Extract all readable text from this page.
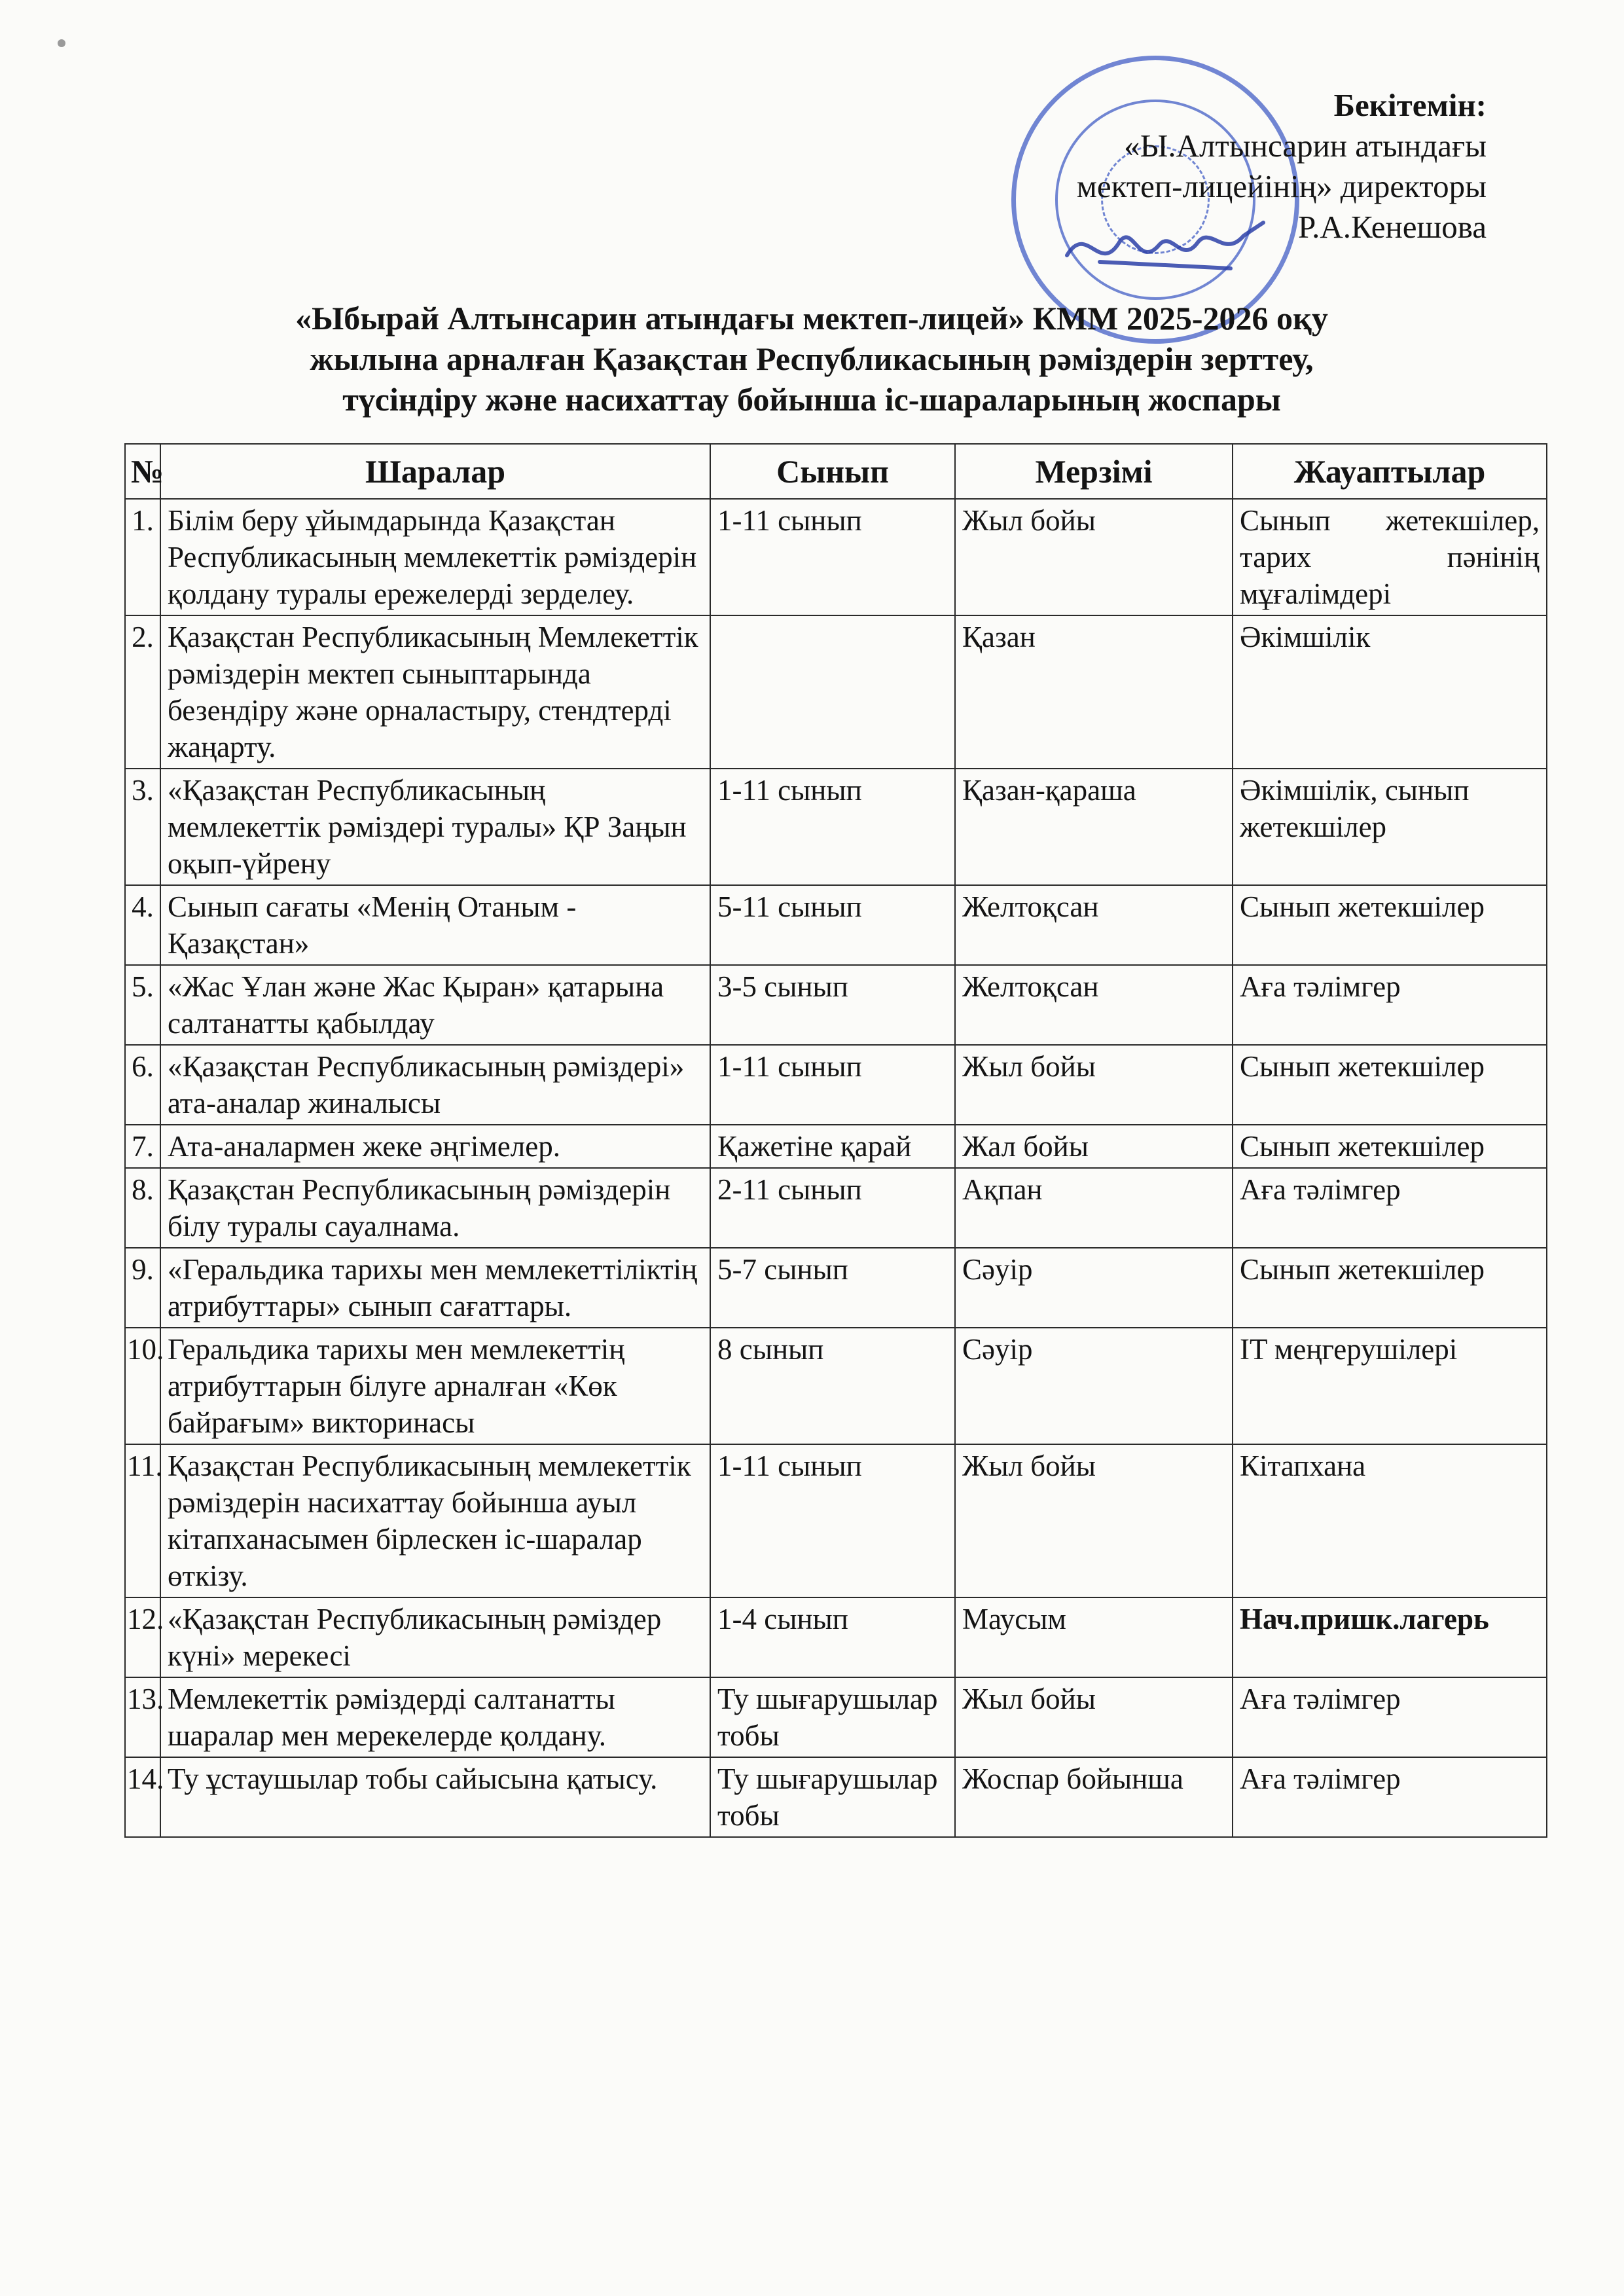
Бекітемін:
«Ы.Алтынсарин атындағы
мектеп-лицейінің» директоры
Р.А.Кенешова
«Ыбырай Алтынсарин атындағы мектеп-лицей» КММ 2025-2026 оқу
жылына арналған Қазақстан Республикасының рәміздерін зерттеу,
түсіндіру және насихаттау бойынша іс-шараларының жоспары
№	Шаралар	Сынып	Мерзімі	Жауаптылар
1.	Білім беру ұйымдарында Қазақстан Республикасының мемлекеттік рәміздерін қолдану туралы ережелерді зерделеу.	1-11 сынып	Жыл бойы	Сынып жетекшілер, тарих пәнінің мұғалімдері
2.	Қазақстан Республикасының Мемлекеттік рәміздерін мектеп сыныптарында безендіру және орналастыру, стендтерді жаңарту.		Қазан	Әкімшілік
3.	«Қазақстан Республикасының мемлекеттік рәміздері туралы» ҚР Заңын оқып-үйрену	1-11 сынып	Қазан-қараша	Әкімшілік, сынып жетекшілер
4.	Сынып сағаты «Менің Отаным - Қазақстан»	5-11 сынып	Желтоқсан	Сынып жетекшілер
5.	«Жас Ұлан және Жас Қыран» қатарына салтанатты қабылдау	3-5 сынып	Желтоқсан	Аға тәлімгер
6.	«Қазақстан Республикасының рәміздері» ата-аналар жиналысы	1-11 сынып	Жыл бойы	Сынып жетекшілер
7.	Ата-аналармен жеке әңгімелер.	Қажетіне қарай	Жал бойы	Сынып жетекшілер
8.	Қазақстан Республикасының рәміздерін білу туралы сауалнама.	2-11 сынып	Ақпан	Аға тәлімгер
9.	«Геральдика тарихы мен мемлекеттіліктің атрибуттары» сынып сағаттары.	5-7 сынып	Сәуір	Сынып жетекшілер
10.	Геральдика тарихы мен мемлекеттің атрибуттарын білуге арналған «Көк байрағым» викторинасы	8 сынып	Сәуір	IT меңгерушілері
11.	Қазақстан Республикасының мемлекеттік рәміздерін насихаттау бойынша ауыл кітапханасымен бірлескен іс-шаралар өткізу.	1-11 сынып	Жыл бойы	Кітапхана
12.	«Қазақстан Республикасының рәміздер күні» мерекесі	1-4 сынып	Маусым	Нач.пришк.лагерь
13.	Мемлекеттік рәміздерді салтанатты шаралар мен мерекелерде қолдану.	Ту шығарушылар тобы	Жыл бойы	Аға тәлімгер
14.	Ту ұстаушылар тобы сайысына қатысу.	Ту шығарушылар тобы	Жоспар бойынша	Аға тәлімгер
